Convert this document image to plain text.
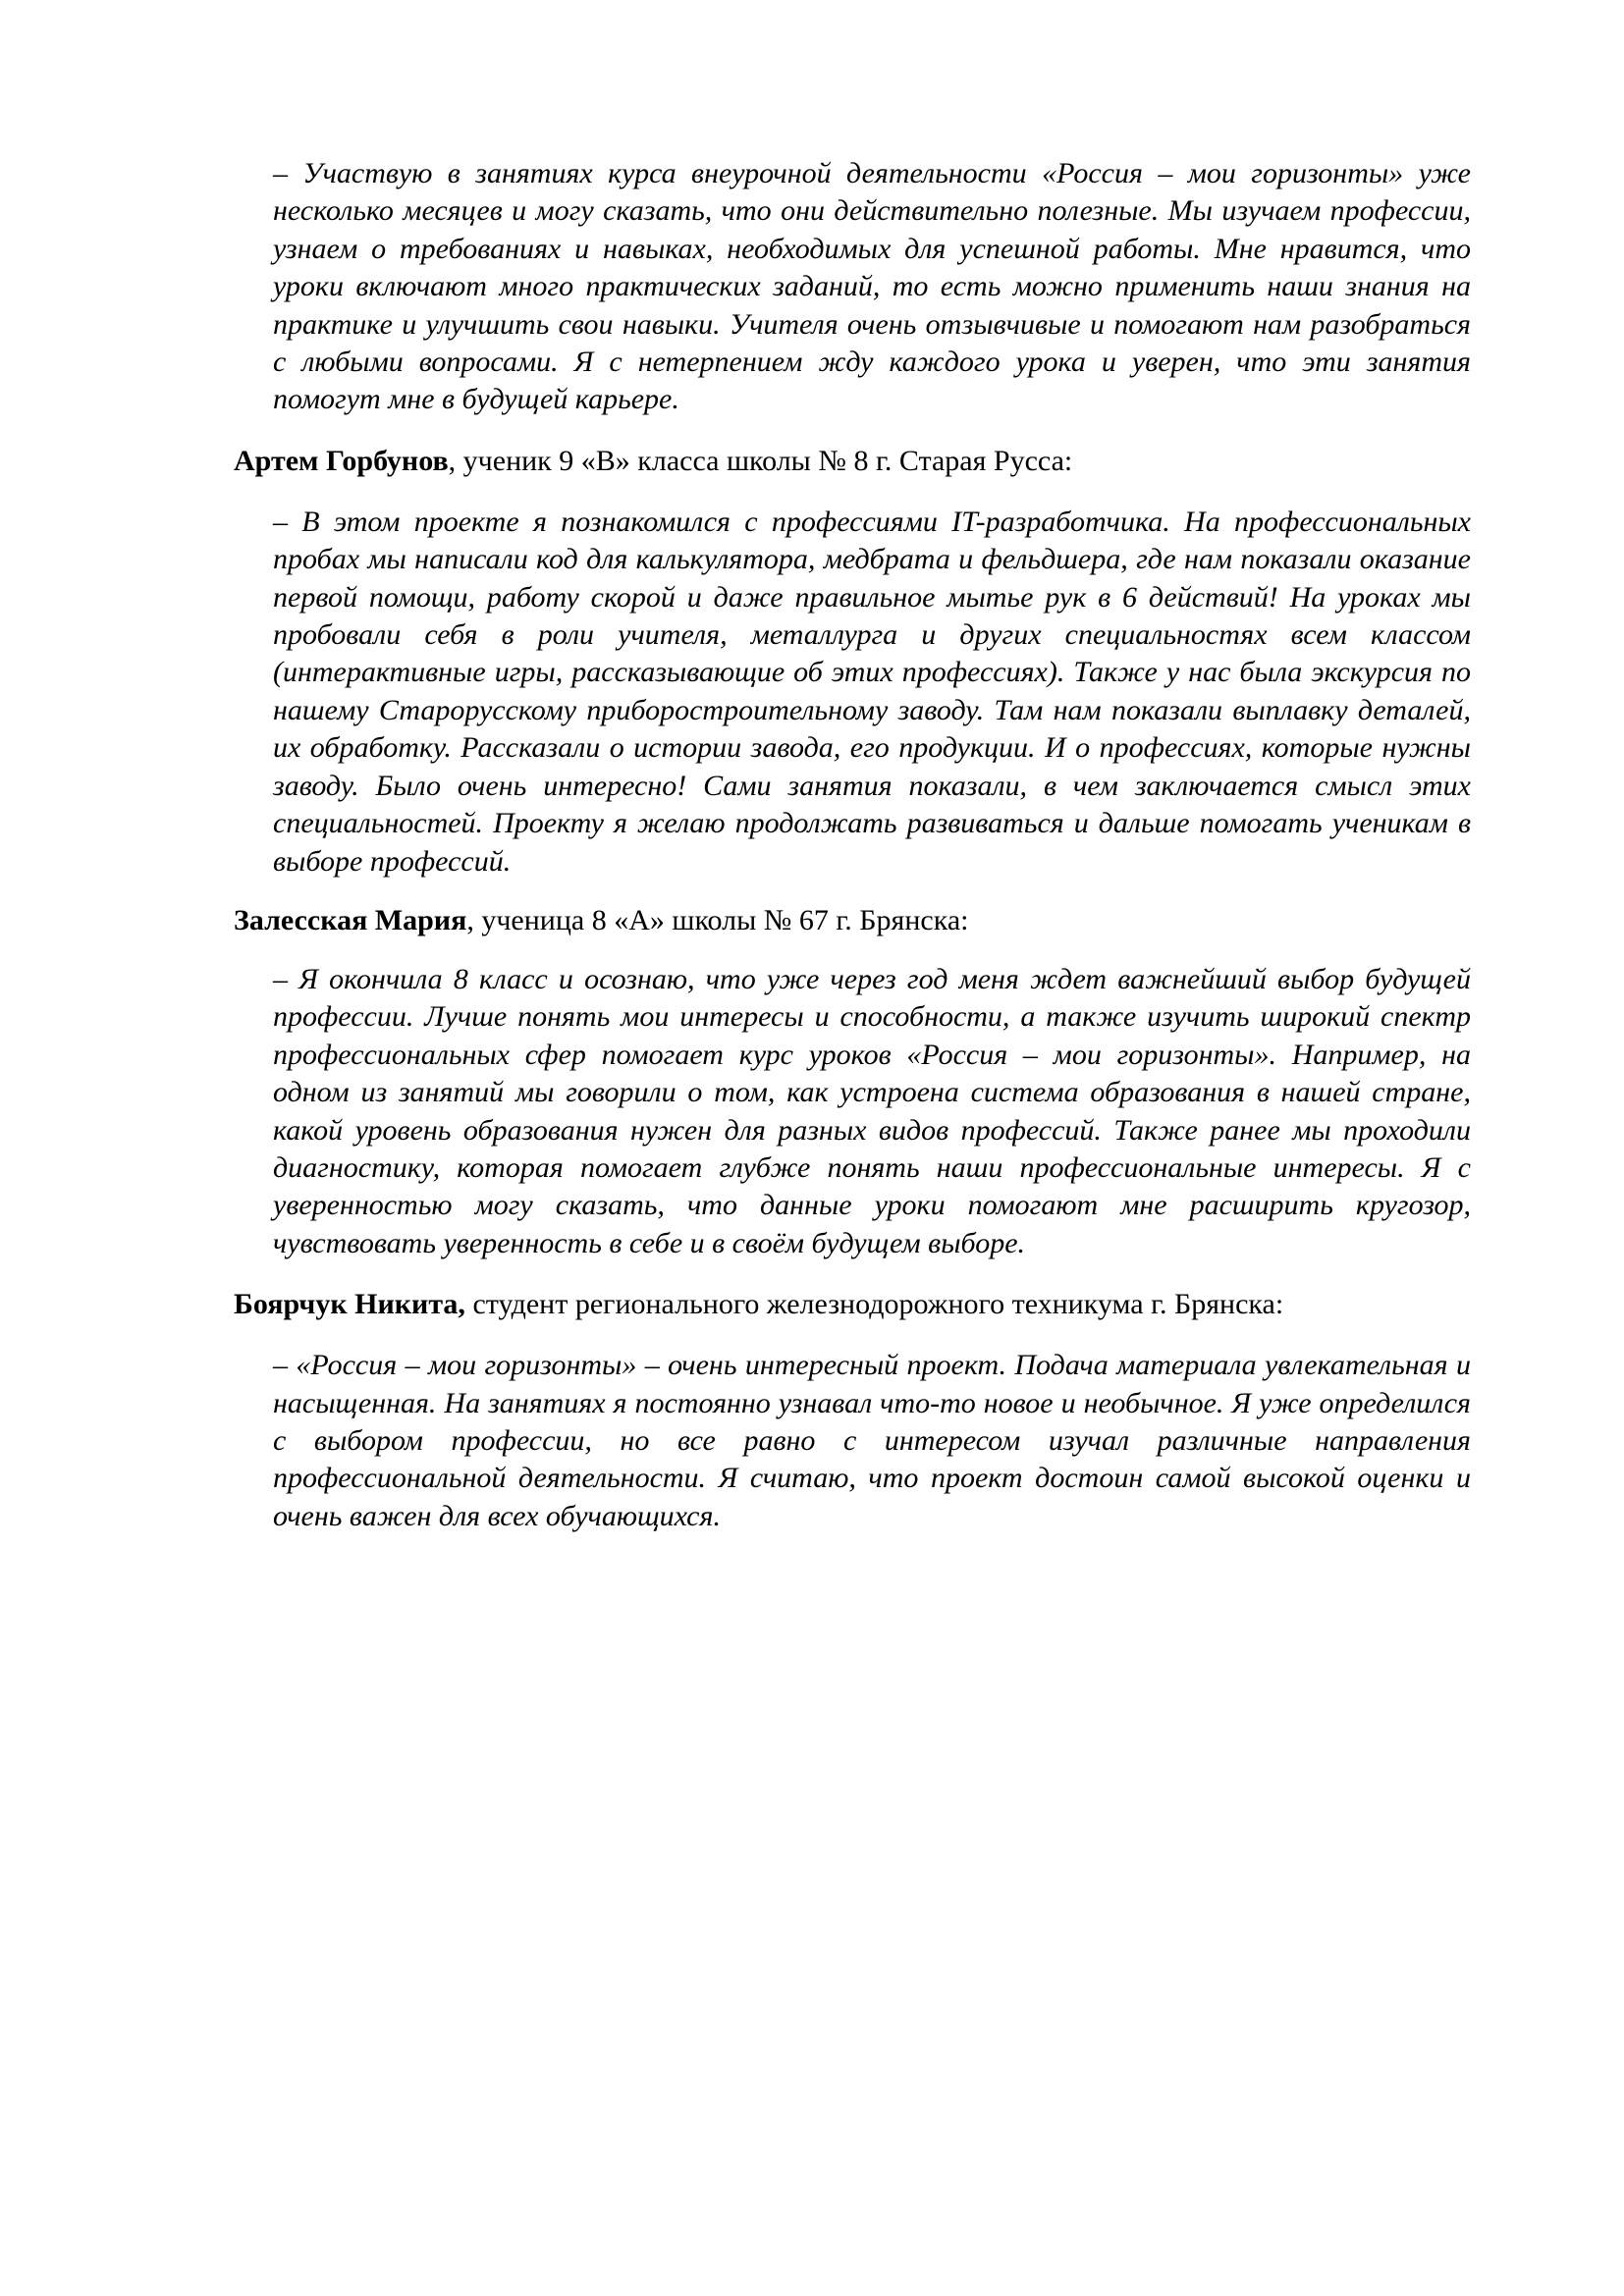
– Участвую в занятиях курса внеурочной деятельности «Россия – мои горизонты» уже несколько месяцев и могу сказать, что они действительно полезные. Мы изучаем профессии, узнаем о требованиях и навыках, необходимых для успешной работы. Мне нравится, что уроки включают много практических заданий, то есть можно применить наши знания на практике и улучшить свои навыки. Учителя очень отзывчивые и помогают нам разобраться с любыми вопросами. Я с нетерпением жду каждого урока и уверен, что эти занятия помогут мне в будущей карьере.

Артем Горбунов, ученик 9 «В» класса школы № 8 г. Старая Русса:

– В этом проекте я познакомился с профессиями IT-разработчика. На профессиональных пробах мы написали код для калькулятора, медбрата и фельдшера, где нам показали оказание первой помощи, работу скорой и даже правильное мытье рук в 6 действий! На уроках мы пробовали себя в роли учителя, металлурга и других специальностях всем классом (интерактивные игры, рассказывающие об этих профессиях). Также у нас была экскурсия по нашему Старорусскому приборостроительному заводу. Там нам показали выплавку деталей, их обработку. Рассказали о истории завода, его продукции. И о профессиях, которые нужны заводу. Было очень интересно! Сами занятия показали, в чем заключается смысл этих специальностей. Проекту я желаю продолжать развиваться и дальше помогать ученикам в выборе профессий.

Залесская Мария, ученица 8 «А» школы № 67 г. Брянска:

– Я окончила 8 класс и осознаю, что уже через год меня ждет важнейший выбор будущей профессии. Лучше понять мои интересы и способности, а также изучить широкий спектр профессиональных сфер помогает курс уроков «Россия – мои горизонты». Например, на одном из занятий мы говорили о том, как устроена система образования в нашей стране, какой уровень образования нужен для разных видов профессий. Также ранее мы проходили диагностику, которая помогает глубже понять наши профессиональные интересы. Я с уверенностью могу сказать, что данные уроки помогают мне расширить кругозор, чувствовать уверенность в себе и в своём будущем выборе.

Боярчук Никита, студент регионального железнодорожного техникума г. Брянска:

– «Россия – мои горизонты» – очень интересный проект. Подача материала увлекательная и насыщенная. На занятиях я постоянно узнавал что-то новое и необычное. Я уже определился с выбором профессии, но все равно с интересом изучал различные направления профессиональной деятельности. Я считаю, что проект достоин самой высокой оценки и очень важен для всех обучающихся.
